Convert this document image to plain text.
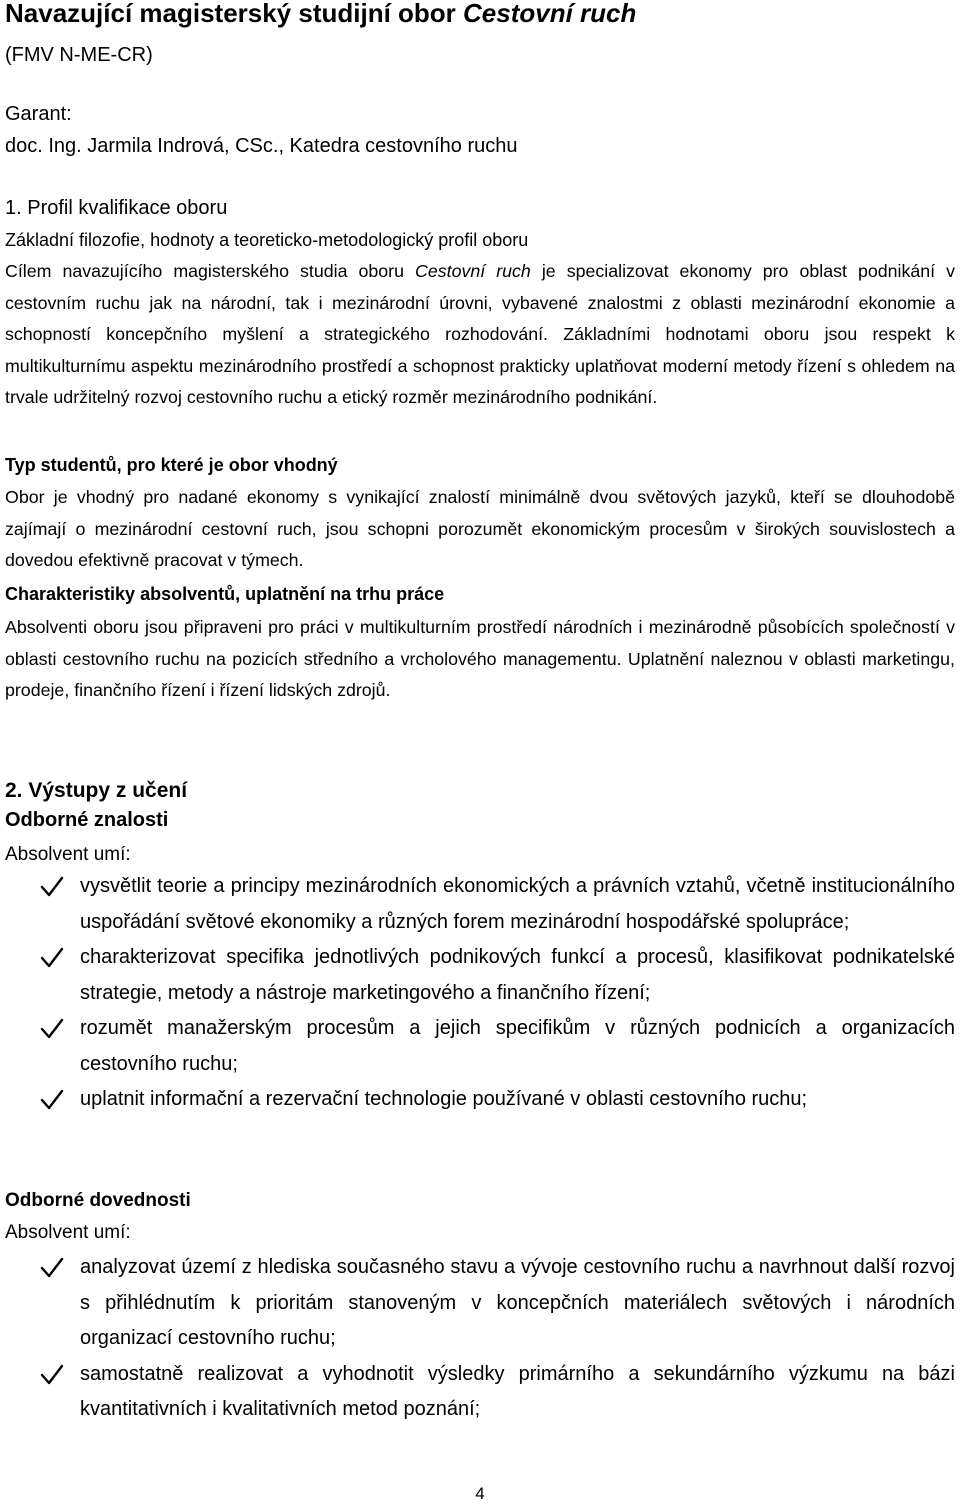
Navazující magisterský studijní obor Cestovní ruch
(FMV N-ME-CR)
Garant:
doc. Ing. Jarmila Indrová, CSc., Katedra cestovního ruchu
1. Profil kvalifikace oboru
Základní filozofie, hodnoty a teoreticko-metodologický profil oboru
Cílem navazujícího magisterského studia oboru Cestovní ruch je specializovat ekonomy pro oblast podnikání v cestovním ruchu jak na národní, tak i mezinárodní úrovni, vybavené znalostmi z oblasti mezinárodní ekonomie a schopností koncepčního myšlení a strategického rozhodování. Základními hodnotami oboru jsou respekt k multikulturnímu aspektu mezinárodního prostředí a schopnost prakticky uplatňovat moderní metody řízení s ohledem na trvale udržitelný rozvoj cestovního ruchu a etický rozměr mezinárodního podnikání.
Typ studentů, pro které je obor vhodný
Obor je vhodný pro nadané ekonomy s vynikající znalostí minimálně dvou světových jazyků, kteří se dlouhodobě zajímají o mezinárodní cestovní ruch, jsou schopni porozumět ekonomickým procesům v širokých souvislostech a dovedou efektivně pracovat v týmech.
Charakteristiky absolventů, uplatnění na trhu práce
Absolventi oboru jsou připraveni pro práci v multikulturním prostředí národních i mezinárodně působících společností v oblasti cestovního ruchu na pozicích středního a vrcholového managementu. Uplatnění naleznou v oblasti marketingu, prodeje, finančního řízení i řízení lidských zdrojů.
2. Výstupy z učení
Odborné znalosti
Absolvent umí:
vysvětlit teorie a principy mezinárodních ekonomických a právních vztahů, včetně institucionálního uspořádání světové ekonomiky a různých forem mezinárodní hospodářské spolupráce;
charakterizovat specifika jednotlivých podnikových funkcí a procesů, klasifikovat podnikatelské strategie, metody a nástroje marketingového a finančního řízení;
rozumět manažerským procesům a jejich specifikům v různých podnicích a organizacích cestovního ruchu;
uplatnit informační a rezervační technologie používané v oblasti cestovního ruchu;
Odborné dovednosti
Absolvent umí:
analyzovat území z hlediska současného stavu a vývoje cestovního ruchu a navrhnout další rozvoj s přihlédnutím k prioritám stanoveným v koncepčních materiálech světových i národních organizací cestovního ruchu;
samostatně realizovat a vyhodnotit výsledky primárního a sekundárního výzkumu na bázi kvantitativních i kvalitativních metod poznání;
4
